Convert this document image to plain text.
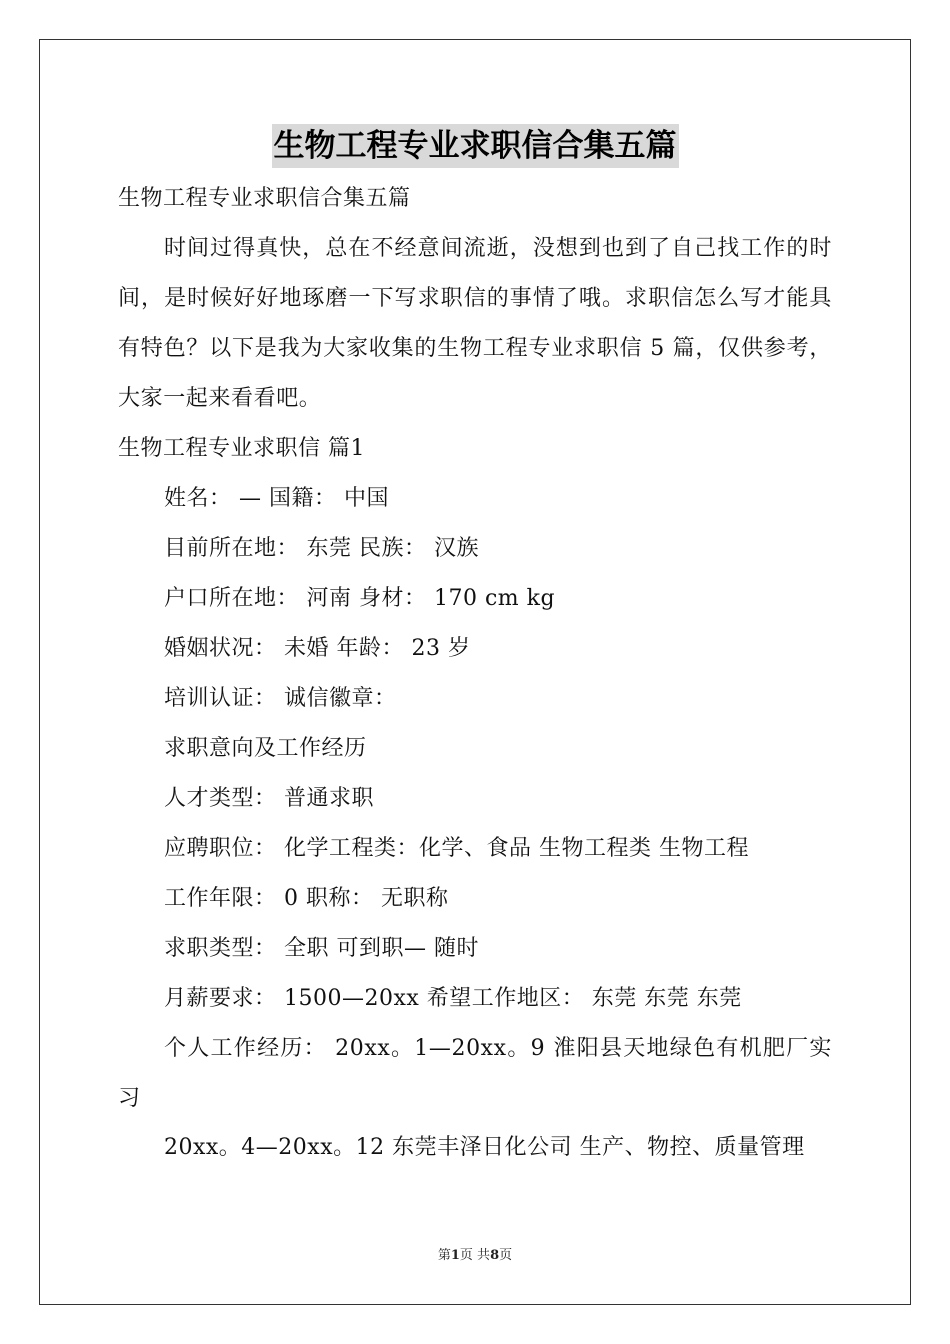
生物工程专业求职信合集五篇
生物工程专业求职信合集五篇
时间过得真快，总在不经意间流逝，没想到也到了自己找工作的时间，是时候好好地琢磨一下写求职信的事情了哦。求职信怎么写才能具有特色？以下是我为大家收集的生物工程专业求职信 5 篇，仅供参考，大家一起来看看吧。
生物工程专业求职信 篇1
姓名： — 国籍： 中国
目前所在地： 东莞 民族： 汉族
户口所在地： 河南 身材： 170 cm kg
婚姻状况： 未婚 年龄： 23 岁
培训认证： 诚信徽章：
求职意向及工作经历
人才类型： 普通求职
应聘职位： 化学工程类：化学、食品 生物工程类 生物工程
工作年限： 0 职称： 无职称
求职类型： 全职 可到职— 随时
月薪要求： 1500—20xx 希望工作地区： 东莞 东莞 东莞
个人工作经历： 20xx。1—20xx。9 淮阳县天地绿色有机肥厂实习
20xx。4—20xx。12 东莞丰泽日化公司 生产、物控、质量管理
第1页 共8页
